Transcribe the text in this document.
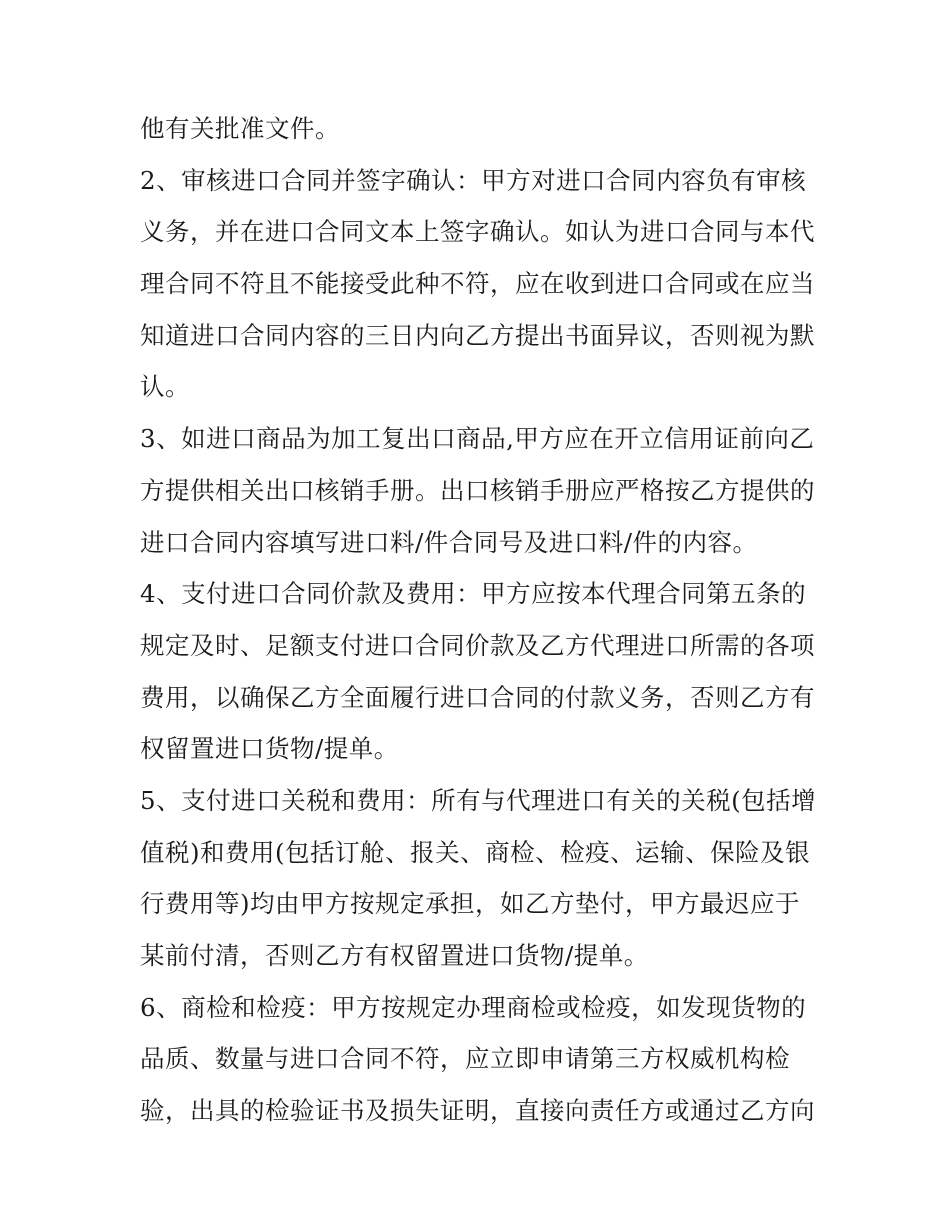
他有关批准文件。
2、审核进口合同并签字确认：甲方对进口合同内容负有审核
义务，并在进口合同文本上签字确认。如认为进口合同与本代
理合同不符且不能接受此种不符，应在收到进口合同或在应当
知道进口合同内容的三日内向乙方提出书面异议，否则视为默
认。
3、如进口商品为加工复出口商品,甲方应在开立信用证前向乙
方提供相关出口核销手册。出口核销手册应严格按乙方提供的
进口合同内容填写进口料/件合同号及进口料/件的内容。
4、支付进口合同价款及费用：甲方应按本代理合同第五条的
规定及时、足额支付进口合同价款及乙方代理进口所需的各项
费用，以确保乙方全面履行进口合同的付款义务，否则乙方有
权留置进口货物/提单。
5、支付进口关税和费用：所有与代理进口有关的关税(包括增
值税)和费用(包括订舱、报关、商检、检疫、运输、保险及银
行费用等)均由甲方按规定承担，如乙方垫付，甲方最迟应于
某前付清，否则乙方有权留置进口货物/提单。
6、商检和检疫：甲方按规定办理商检或检疫，如发现货物的
品质、数量与进口合同不符，应立即申请第三方权威机构检
验，出具的检验证书及损失证明，直接向责任方或通过乙方向
